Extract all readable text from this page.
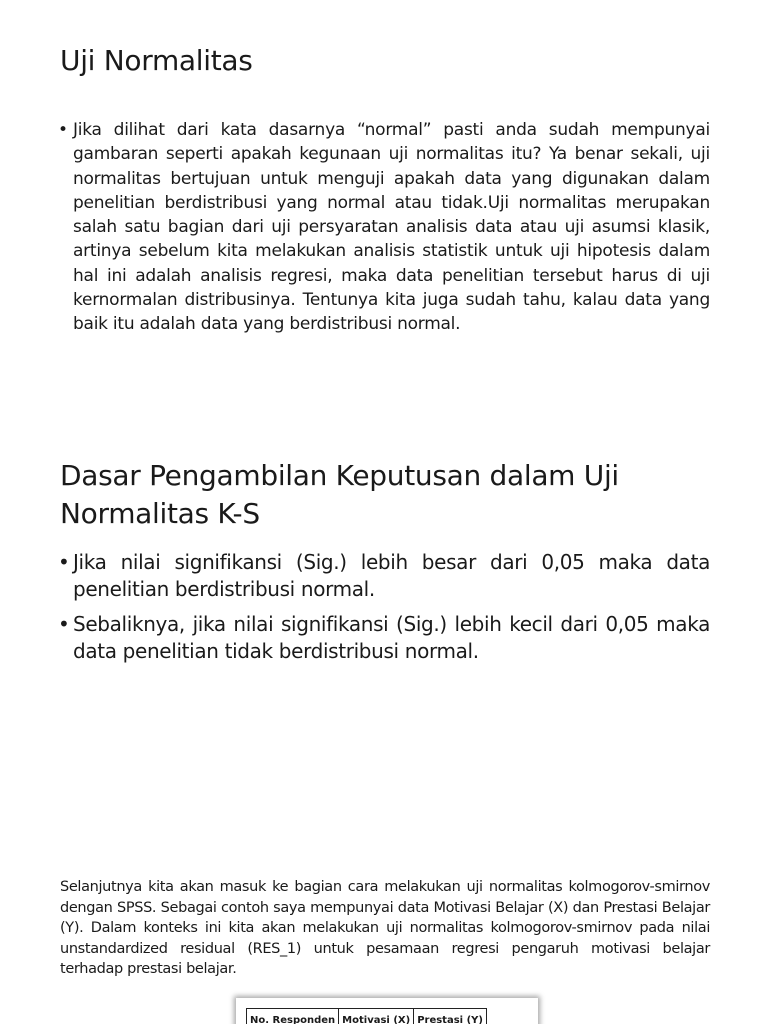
Uji Normalitas
• Jika dilihat dari kata dasarnya “normal” pasti anda sudah mempunyai gambaran seperti apakah kegunaan uji normalitas itu? Ya benar sekali, uji normalitas bertujuan untuk menguji apakah data yang digunakan dalam penelitian berdistribusi yang normal atau tidak.Uji normalitas merupakan salah satu bagian dari uji persyaratan analisis data atau uji asumsi klasik, artinya sebelum kita melakukan analisis statistik untuk uji hipotesis dalam hal ini adalah analisis regresi, maka data penelitian tersebut harus di uji kernormalan distribusinya. Tentunya kita juga sudah tahu, kalau data yang baik itu adalah data yang berdistribusi normal.
Dasar Pengambilan Keputusan dalam Uji Normalitas K-S
• Jika nilai signifikansi (Sig.) lebih besar dari 0,05 maka data penelitian berdistribusi normal.
• Sebaliknya, jika nilai signifikansi (Sig.) lebih kecil dari 0,05 maka data penelitian tidak berdistribusi normal.

Selanjutnya kita akan masuk ke bagian cara melakukan uji normalitas kolmogorov-smirnov dengan SPSS. Sebagai contoh saya mempunyai data Motivasi Belajar (X) dan Prestasi Belajar (Y). Dalam konteks ini kita akan melakukan uji normalitas kolmogorov-smirnov pada nilai unstandardized residual (RES_1) untuk pesamaan regresi pengaruh motivasi belajar terhadap prestasi belajar.

No. Responden	Motivasi (X)	Prestasi (Y)
